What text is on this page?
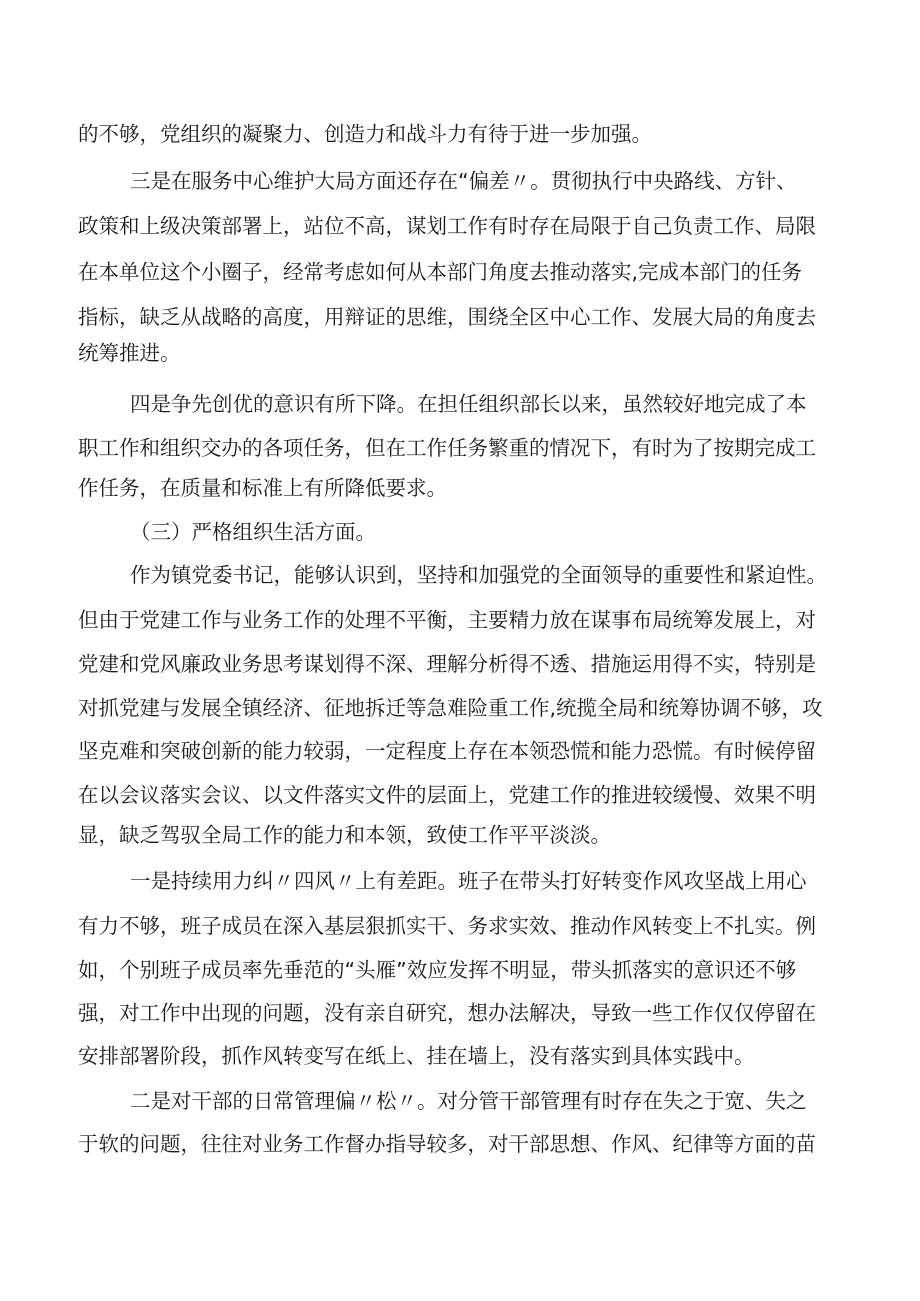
的不够，党组织的凝聚力、创造力和战斗力有待于进一步加强。
三是在服务中心维护大局方面还存在“偏差〃。贯彻执行中央路线、方针、
政策和上级决策部署上，站位不高，谋划工作有时存在局限于自己负责工作、局限
在本单位这个小圈子，经常考虑如何从本部门角度去推动落实,完成本部门的任务
指标，缺乏从战略的高度，用辩证的思维，围绕全区中心工作、发展大局的角度去
统筹推进。
四是争先创优的意识有所下降。在担任组织部长以来，虽然较好地完成了本
职工作和组织交办的各项任务，但在工作任务繁重的情况下，有时为了按期完成工
作任务，在质量和标准上有所降低要求。
（三）严格组织生活方面。
作为镇党委书记，能够认识到，坚持和加强党的全面领导的重要性和紧迫性。
但由于党建工作与业务工作的处理不平衡，主要精力放在谋事布局统筹发展上，对
党建和党风廉政业务思考谋划得不深、理解分析得不透、措施运用得不实，特别是
对抓党建与发展全镇经济、征地拆迁等急难险重工作,统揽全局和统筹协调不够，攻
坚克难和突破创新的能力较弱，一定程度上存在本领恐慌和能力恐慌。有时候停留
在以会议落实会议、以文件落实文件的层面上，党建工作的推进较缓慢、效果不明
显，缺乏驾驭全局工作的能力和本领，致使工作平平淡淡。
一是持续用力纠〃四风〃上有差距。班子在带头打好转变作风攻坚战上用心
有力不够，班子成员在深入基层狠抓实干、务求实效、推动作风转变上不扎实。例
如，个别班子成员率先垂范的“头雁”效应发挥不明显，带头抓落实的意识还不够
强，对工作中出现的问题，没有亲自研究，想办法解决，导致一些工作仅仅停留在
安排部署阶段，抓作风转变写在纸上、挂在墙上，没有落实到具体实践中。
二是对干部的日常管理偏〃松〃。对分管干部管理有时存在失之于宽、失之
于软的问题，往往对业务工作督办指导较多，对干部思想、作风、纪律等方面的苗
